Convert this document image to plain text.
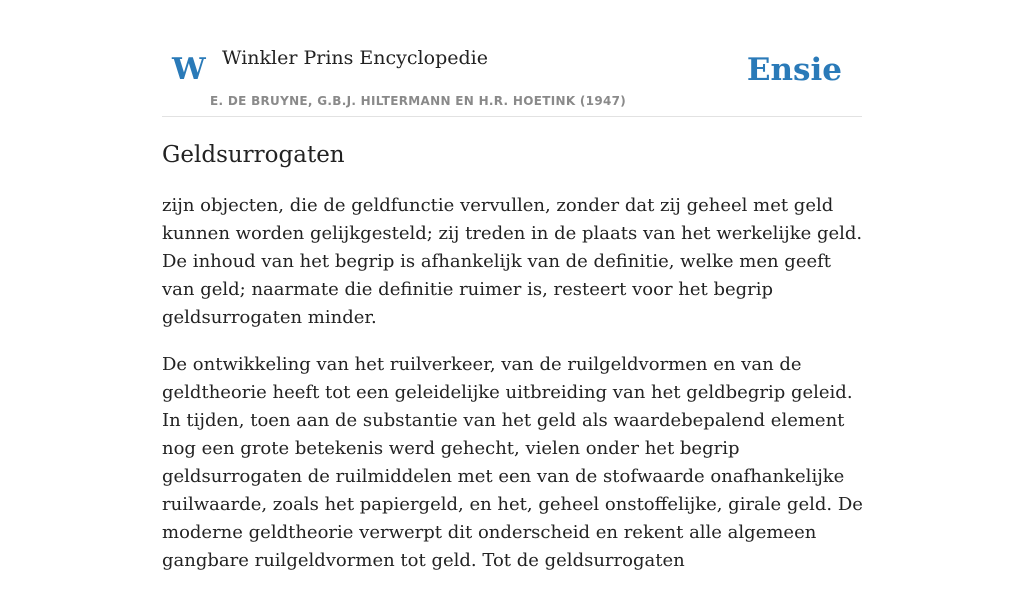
W Winkler Prins Encyclopedie
E. DE BRUYNE, G.B.J. HILTERMANN EN H.R. HOETINK (1947)
Ensie
Geldsurrogaten

zijn objecten, die de geldfunctie vervullen, zonder dat zij geheel met geld kunnen worden gelijkgesteld; zij treden in de plaats van het werkelijke geld. De inhoud van het begrip is afhankelijk van de definitie, welke men geeft van geld; naarmate die definitie ruimer is, resteert voor het begrip geldsurrogaten minder.

De ontwikkeling van het ruilverkeer, van de ruilgeldvormen en van de geldtheorie heeft tot een geleidelijke uitbreiding van het geldbegrip geleid. In tijden, toen aan de substantie van het geld als waardebepalend element nog een grote betekenis werd gehecht, vielen onder het begrip geldsurrogaten de ruilmiddelen met een van de stofwaarde onafhankelijke ruilwaarde, zoals het papiergeld, en het, geheel onstoffelijke, girale geld. De moderne geldtheorie verwerpt dit onderscheid en rekent alle algemeen gangbare ruilgeldvormen tot geld. Tot de geldsurrogaten
